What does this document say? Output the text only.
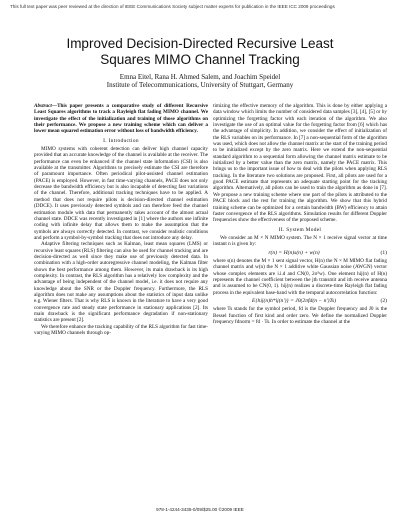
This full text paper was peer reviewed at the direction of IEEE Communications Society subject matter experts for publication in the IEEE ICC 2009 proceedings
Improved Decision-Directed Recursive Least Squares MIMO Channel Tracking
Emna Eitel, Rana H. Ahmed Salem, and Joachim Speidel
Institute of Telecommunications, University of Stuttgart, Germany

Abstract—This paper presents a comparative study of different Recursive Least Squares algorithms to track a Rayleigh flat fading MIMO channel. We investigate the effect of the initialization and training of those algorithms on their performance. We propose a new training scheme which can deliver a lower mean squared estimation error without loss of bandwidth efficiency.

I. Introduction

MIMO systems with coherent detection can deliver high channel capacity provided that an accurate knowledge of the channel is available at the receiver. The performance can even be enhanced if the channel state information (CSI) is also available at the transmitter. Algorithms to precisely estimate the CSI are therefore of paramount importance. Often periodical pilot-assisted channel estimation (PACE) is employed. However, in fast time-varying channels, PACE does not only decrease the bandwidth efficiency but is also incapable of detecting fast variations of the channel. Therefore, additional tracking techniques have to be applied. A method that does not require pilots is decision-directed channel estimation (DDCE). It uses previously detected symbols and can therefore feed the channel estimation module with data that permanently takes account of the almost actual channel state. DDCE was recently investigated in [1] where the authors use infinite coding with infinite delay that allows them to make the assumption that the symbols are always correctly detected. In contrast, we consider realistic conditions and perform a symbol-by-symbol tracking that does not introduce any delay.

Adaptive filtering techniques such as Kalman, least mean squares (LMS) or recursive least squares (RLS) filtering can also be used for channel tracking and are decision-directed as well since they make use of previously detected data. In combination with a high-order autoregressive channel modeling, the Kalman filter shows the best performance among them. However, its main drawback is its high complexity. In contrast, the RLS algorithm has a relatively low complexity and the advantage of being independent of the channel model, i.e. it does not require any knowledge about the SNR or the Doppler frequency. Furthermore, the RLS algorithm does not make any assumptions about the statistics of input data unlike e.g. Wiener filters. That is why RLS is known in the literature to have a very good convergence rate and steady state performance in stationary applications [2]. Its main drawback is the significant performance degradation if non-stationary statistics are present [2].

We therefore enhance the tracking capability of the RLS algorithm for fast time-varying MIMO channels through op-

timizing the effective memory of the algorithm. This is done by either applying a data window which limits the number of considered data samples [3], [4], [5] or by optimizing the forgetting factor with each iteration of the algorithm. We also investigate the use of an optimal value for the forgetting factor from [6] which has the advantage of simplicity. In addition, we consider the effect of initialization of the RLS variables on its performance. In [7] a non-sequential form of the algorithm was used, which does not allow the channel matrix at the start of the training period to be initialized except by the zero matrix. Here we extend the non-sequential standard algorithm to a sequential form allowing the channel matrix estimate to be initialized by a better value than the zero matrix, namely the PACE matrix. This brings us to the important issue of how to deal with the pilots when applying RLS tracking. In the literature two solutions are proposed. First, all pilots are used for a good PACE estimate that represents an adequate starting point for the tracking algorithm. Alternatively, all pilots can be used to train the algorithm as done in [7]. We propose a new training scheme where one part of the pilots is attributed to the PACE block and the rest for training the algorithm. We show that this hybrid training scheme can be optimized for a certain bandwidth (BW) efficiency to attain faster convergence of the RLS algorithms. Simulation results for different Doppler frequencies show the effectiveness of the proposed scheme.

II. System Model

We consider an M × N MIMO system. The N × 1 receive signal vector at time instant n is given by:

r(n) = H(n)s(n) + w(n)	(1)

where s(n) denotes the M × 1 sent signal vector, H(n) the N × M MIMO flat fading channel matrix and w(n) the N × 1 additive white Gaussian noise (AWGN) vector whose complex elements are i.i.d and CN(0, 2σ²w). One element hij(n) of H(n) represents the channel coefficient between the jth transmit and ith receive antenna and is assumed to be CN(0, 1). hij(n) realizes a discrete-time Rayleigh flat fading process in the equivalent base-band with the temporal autocorrelation function:

E{hij(n)h*ij(n′)} = J0(2πfd(n − n′)Ts)	(2)

where Ts stands for the symbol period, fd is the Doppler frequency and J0 is the Bessel function of first kind and order zero. We define the normalized Doppler frequency fdnorm = fd · Ts. In order to estimate the channel at the

978-1-4244-3435-0/09/$25.00 ©2009 IEEE
